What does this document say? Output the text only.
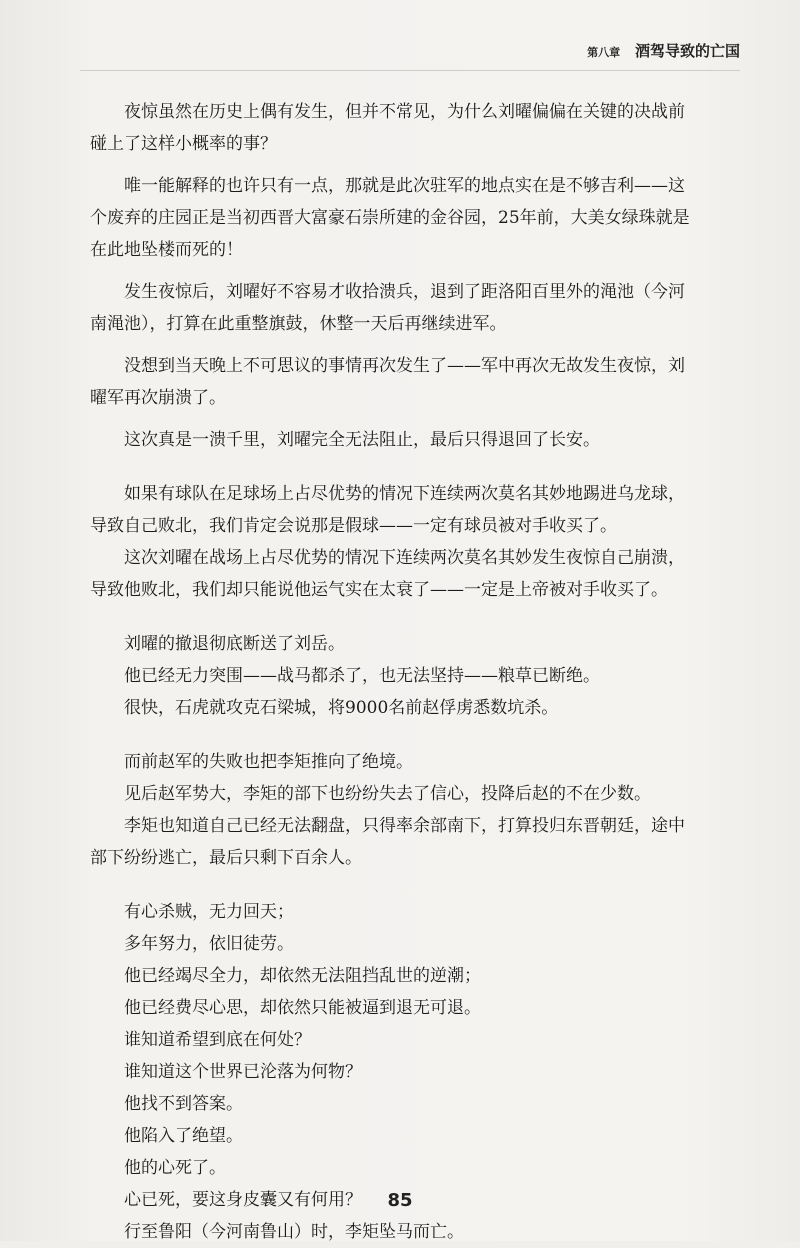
第八章 酒驾导致的亡国

夜惊虽然在历史上偶有发生，但并不常见，为什么刘曜偏偏在关键的决战前
碰上了这样小概率的事？

唯一能解释的也许只有一点，那就是此次驻军的地点实在是不够吉利——这
个废弃的庄园正是当初西晋大富豪石崇所建的金谷园，25年前，大美女绿珠就是
在此地坠楼而死的！

发生夜惊后，刘曜好不容易才收拾溃兵，退到了距洛阳百里外的渑池（今河
南渑池），打算在此重整旗鼓，休整一天后再继续进军。

没想到当天晚上不可思议的事情再次发生了——军中再次无故发生夜惊，刘
曜军再次崩溃了。

这次真是一溃千里，刘曜完全无法阻止，最后只得退回了长安。

如果有球队在足球场上占尽优势的情况下连续两次莫名其妙地踢进乌龙球，
导致自己败北，我们肯定会说那是假球——一定有球员被对手收买了。

这次刘曜在战场上占尽优势的情况下连续两次莫名其妙发生夜惊自己崩溃，
导致他败北，我们却只能说他运气实在太衰了——一定是上帝被对手收买了。

刘曜的撤退彻底断送了刘岳。

他已经无力突围——战马都杀了，也无法坚持——粮草已断绝。

很快，石虎就攻克石梁城，将9000名前赵俘虏悉数坑杀。

而前赵军的失败也把李矩推向了绝境。

见后赵军势大，李矩的部下也纷纷失去了信心，投降后赵的不在少数。

李矩也知道自己已经无法翻盘，只得率余部南下，打算投归东晋朝廷，途中
部下纷纷逃亡，最后只剩下百余人。

有心杀贼，无力回天；

多年努力，依旧徒劳。

他已经竭尽全力，却依然无法阻挡乱世的逆潮；

他已经费尽心思，却依然只能被逼到退无可退。

谁知道希望到底在何处？

谁知道这个世界已沦落为何物？

他找不到答案。

他陷入了绝望。

他的心死了。

心已死，要这身皮囊又有何用？

行至鲁阳（今河南鲁山）时，李矩坠马而亡。

85
